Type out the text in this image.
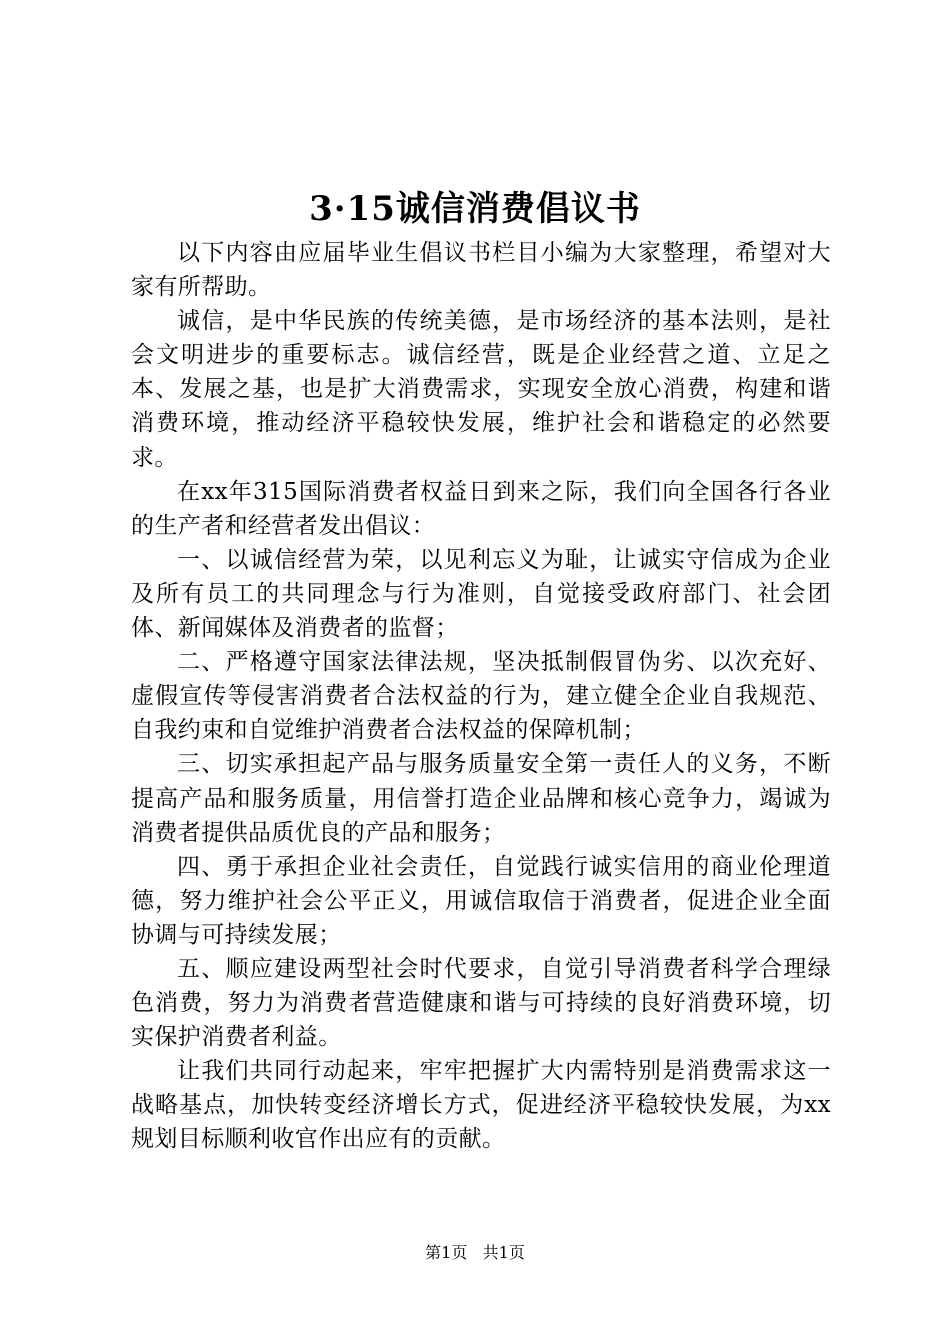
3·15诚信消费倡议书

以下内容由应届毕业生倡议书栏目小编为大家整理，希望对大家有所帮助。

诚信，是中华民族的传统美德，是市场经济的基本法则，是社会文明进步的重要标志。诚信经营，既是企业经营之道、立足之本、发展之基，也是扩大消费需求，实现安全放心消费，构建和谐消费环境，推动经济平稳较快发展，维护社会和谐稳定的必然要求。

在xx年315国际消费者权益日到来之际，我们向全国各行各业的生产者和经营者发出倡议：

一、以诚信经营为荣，以见利忘义为耻，让诚实守信成为企业及所有员工的共同理念与行为准则，自觉接受政府部门、社会团体、新闻媒体及消费者的监督；

二、严格遵守国家法律法规，坚决抵制假冒伪劣、以次充好、虚假宣传等侵害消费者合法权益的行为，建立健全企业自我规范、自我约束和自觉维护消费者合法权益的保障机制；

三、切实承担起产品与服务质量安全第一责任人的义务，不断提高产品和服务质量，用信誉打造企业品牌和核心竞争力，竭诚为消费者提供品质优良的产品和服务；

四、勇于承担企业社会责任，自觉践行诚实信用的商业伦理道德，努力维护社会公平正义，用诚信取信于消费者，促进企业全面协调与可持续发展；

五、顺应建设两型社会时代要求，自觉引导消费者科学合理绿色消费，努力为消费者营造健康和谐与可持续的良好消费环境，切实保护消费者利益。

让我们共同行动起来，牢牢把握扩大内需特别是消费需求这一战略基点，加快转变经济增长方式，促进经济平稳较快发展，为xx规划目标顺利收官作出应有的贡献。

第1页 共1页
